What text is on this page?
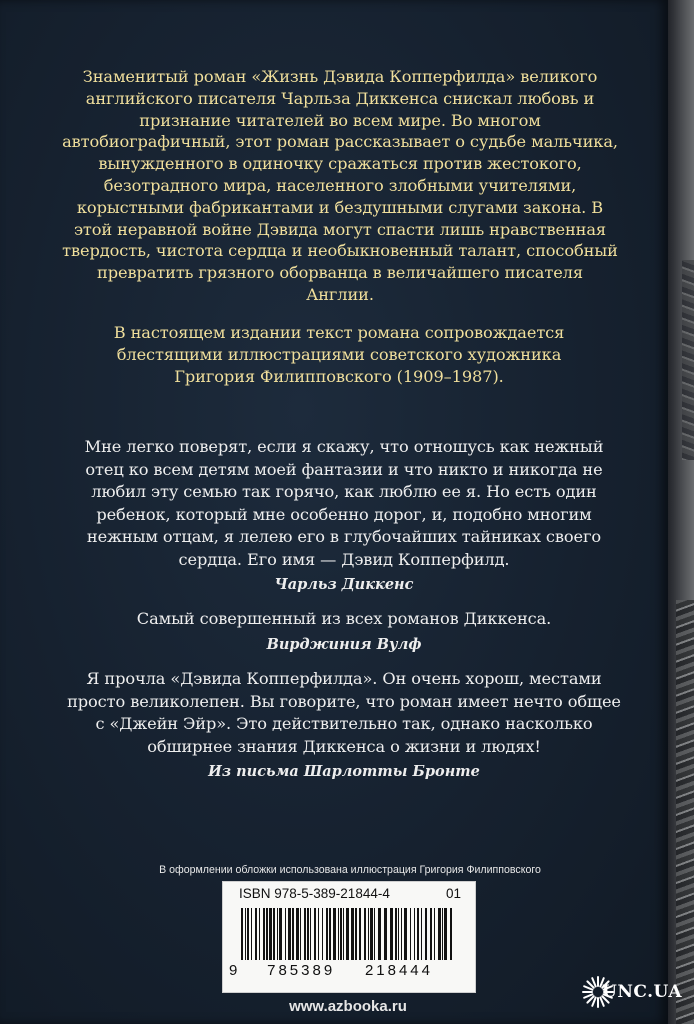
Знаменитый роман «Жизнь Дэвида Копперфилда» великого английского писателя Чарльза Диккенса снискал любовь и признание читателей во всем мире. Во многом автобиографичный, этот роман рассказывает о судьбе мальчика, вынужденного в одиночку сражаться против жестокого, безотрадного мира, населенного злобными учителями, корыстными фабрикантами и бездушными слугами закона. В этой неравной войне Дэвида могут спасти лишь нравственная твердость, чистота сердца и необыкновенный талант, способный превратить грязного оборванца в величайшего писателя Англии.
В настоящем издании текст романа сопровождается блестящими иллюстрациями советского художника Григория Филипповского (1909–1987).
Мне легко поверят, если я скажу, что отношусь как нежный отец ко всем детям моей фантазии и что никто и никогда не любил эту семью так горячо, как люблю ее я. Но есть один ребенок, который мне особенно дорог, и, подобно многим нежным отцам, я лелею его в глубочайших тайниках своего сердца. Его имя — Дэвид Копперфилд.
Чарльз Диккенс
Самый совершенный из всех романов Диккенса.
Вирджиния Вулф
Я прочла «Дэвида Копперфилда». Он очень хорош, местами просто великолепен. Вы говорите, что роман имеет нечто общее с «Джейн Эйр». Это действительно так, однако насколько обширнее знания Диккенса о жизни и людях!
Из письма Шарлотты Бронте
В оформлении обложки использована иллюстрация Григория Филипповского
ISBN 978-5-389-21844-4	01
9 785389 218444
www.azbooka.ru
UNC.UA
